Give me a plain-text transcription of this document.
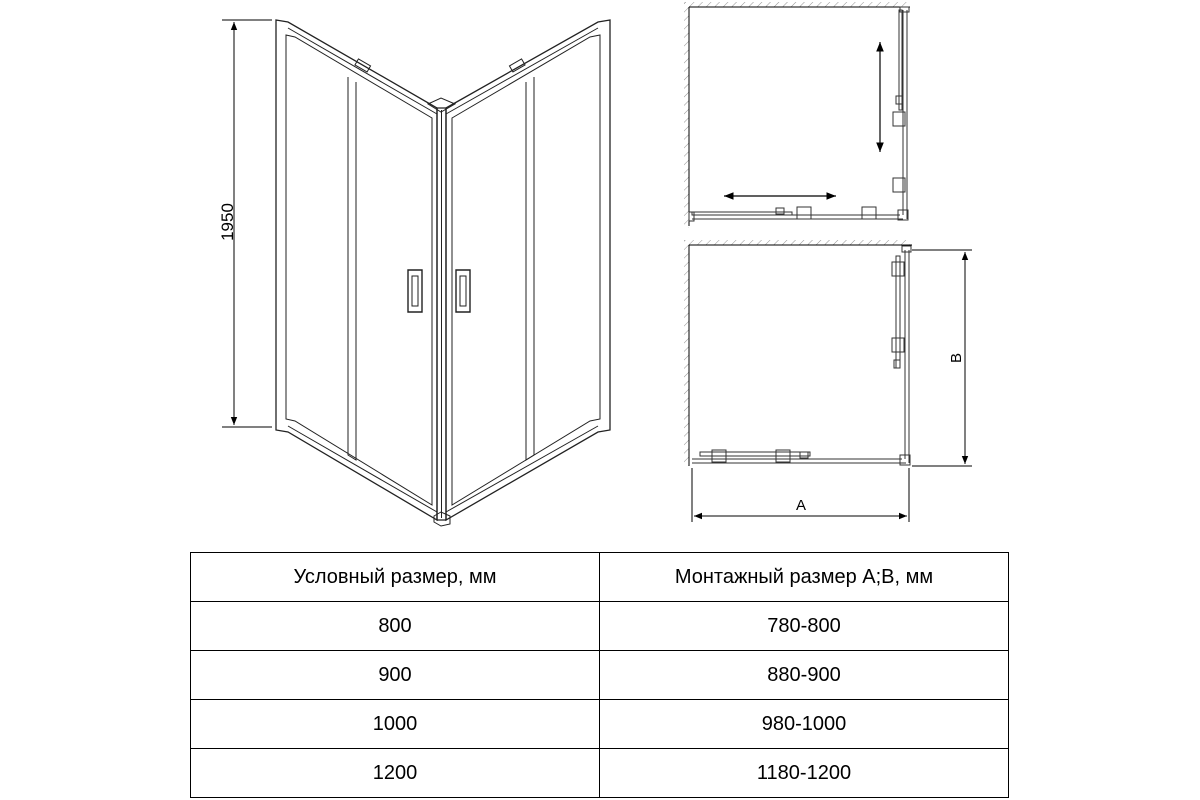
1950
A
B
Условный размер, мм	Монтажный размер A;B, мм
800	780-800
900	880-900
1000	980-1000
1200	1180-1200
